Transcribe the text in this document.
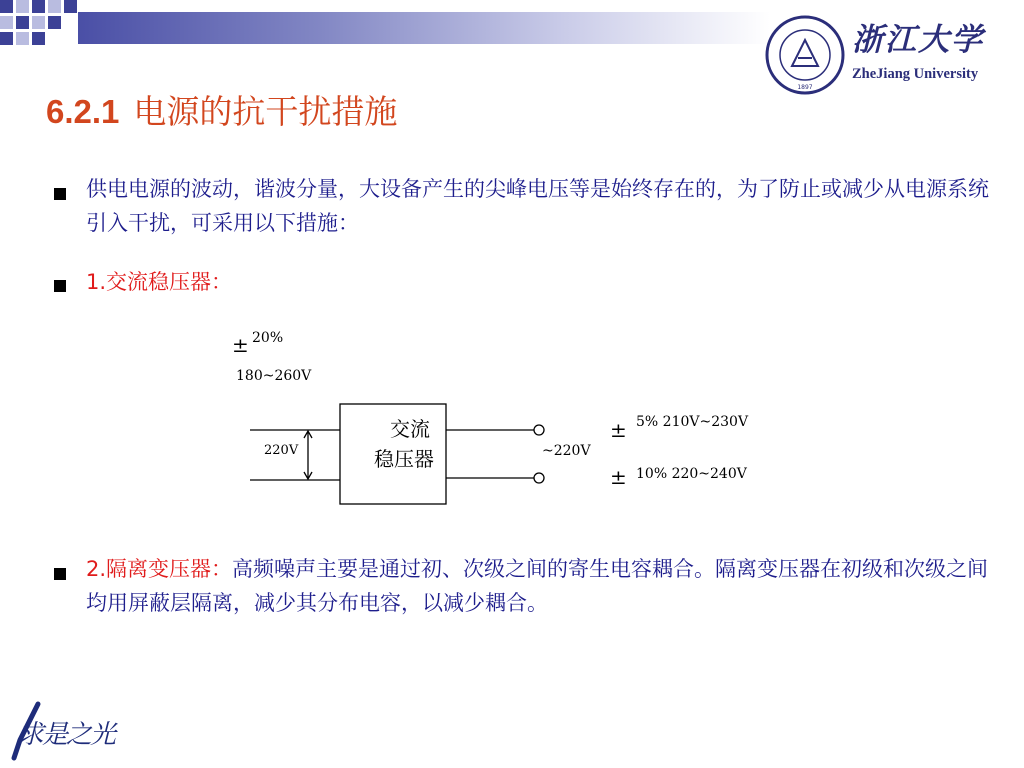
1897
浙江大学
ZheJiang University
6.2.1 电源的抗干扰措施
供电电源的波动，谐波分量，大设备产生的尖峰电压等是始终存在的，为了防止或减少从电源系统引入干扰，可采用以下措施：
1.交流稳压器：
± 20%
180~260V
220V
交流
稳压器	~220V
± 5% 210V~230V
± 10% 220~240V
2.隔离变压器：高频噪声主要是通过初、次级之间的寄生电容耦合。隔离变压器在初级和次级之间均用屏蔽层隔离，减少其分布电容，以减少耦合。
求是之光
